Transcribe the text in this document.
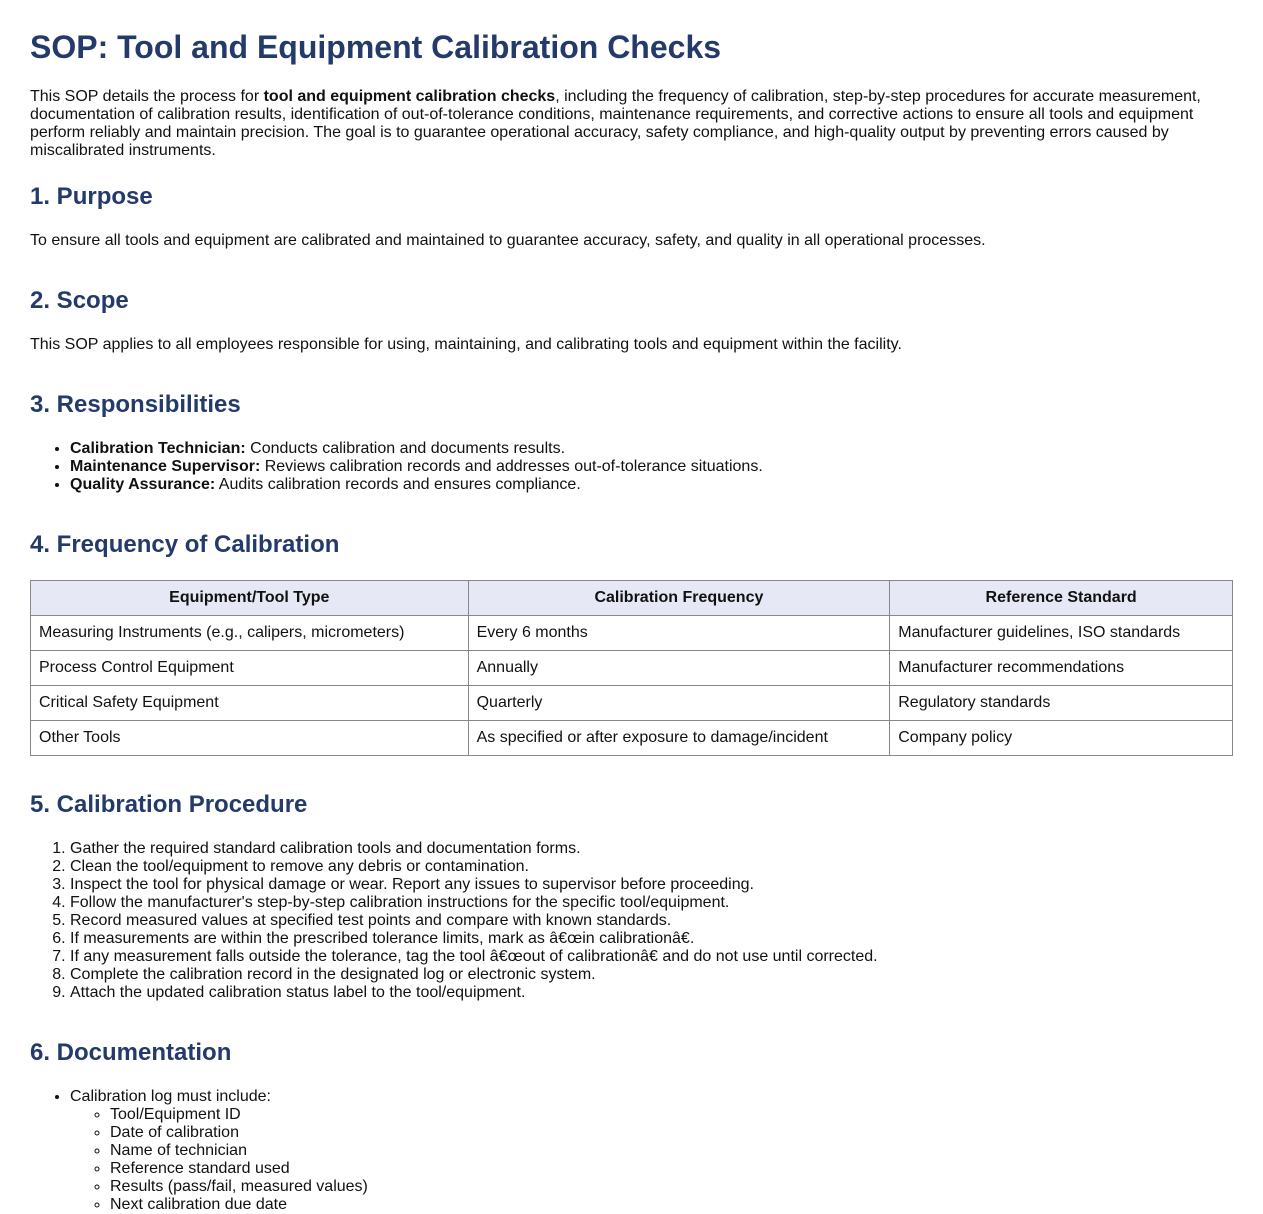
SOP: Tool and Equipment Calibration Checks

This SOP details the process for tool and equipment calibration checks, including the frequency of calibration, step-by-step procedures for accurate measurement, documentation of calibration results, identification of out-of-tolerance conditions, maintenance requirements, and corrective actions to ensure all tools and equipment perform reliably and maintain precision. The goal is to guarantee operational accuracy, safety compliance, and high-quality output by preventing errors caused by miscalibrated instruments.

1. Purpose

To ensure all tools and equipment are calibrated and maintained to guarantee accuracy, safety, and quality in all operational processes.

2. Scope

This SOP applies to all employees responsible for using, maintaining, and calibrating tools and equipment within the facility.

3. Responsibilities
• Calibration Technician: Conducts calibration and documents results.
• Maintenance Supervisor: Reviews calibration records and addresses out-of-tolerance situations.
• Quality Assurance: Audits calibration records and ensures compliance.
4. Frequency of Calibration
Equipment/Tool Type	Calibration Frequency	Reference Standard
Measuring Instruments (e.g., calipers, micrometers)	Every 6 months	Manufacturer guidelines, ISO standards
Process Control Equipment	Annually	Manufacturer recommendations
Critical Safety Equipment	Quarterly	Regulatory standards
Other Tools	As specified or after exposure to damage/incident	Company policy
5. Calibration Procedure
1. Gather the required standard calibration tools and documentation forms.
2. Clean the tool/equipment to remove any debris or contamination.
3. Inspect the tool for physical damage or wear. Report any issues to supervisor before proceeding.
4. Follow the manufacturer's step-by-step calibration instructions for the specific tool/equipment.
5. Record measured values at specified test points and compare with known standards.
6. If measurements are within the prescribed tolerance limits, mark as â€œin calibrationâ€.
7. If any measurement falls outside the tolerance, tag the tool â€œout of calibrationâ€ and do not use until corrected.
8. Complete the calibration record in the designated log or electronic system.
9. Attach the updated calibration status label to the tool/equipment.
6. Documentation
• Calibration log must include:
◦ Tool/Equipment ID
◦ Date of calibration
◦ Name of technician
◦ Reference standard used
◦ Results (pass/fail, measured values)
◦ Next calibration due date
